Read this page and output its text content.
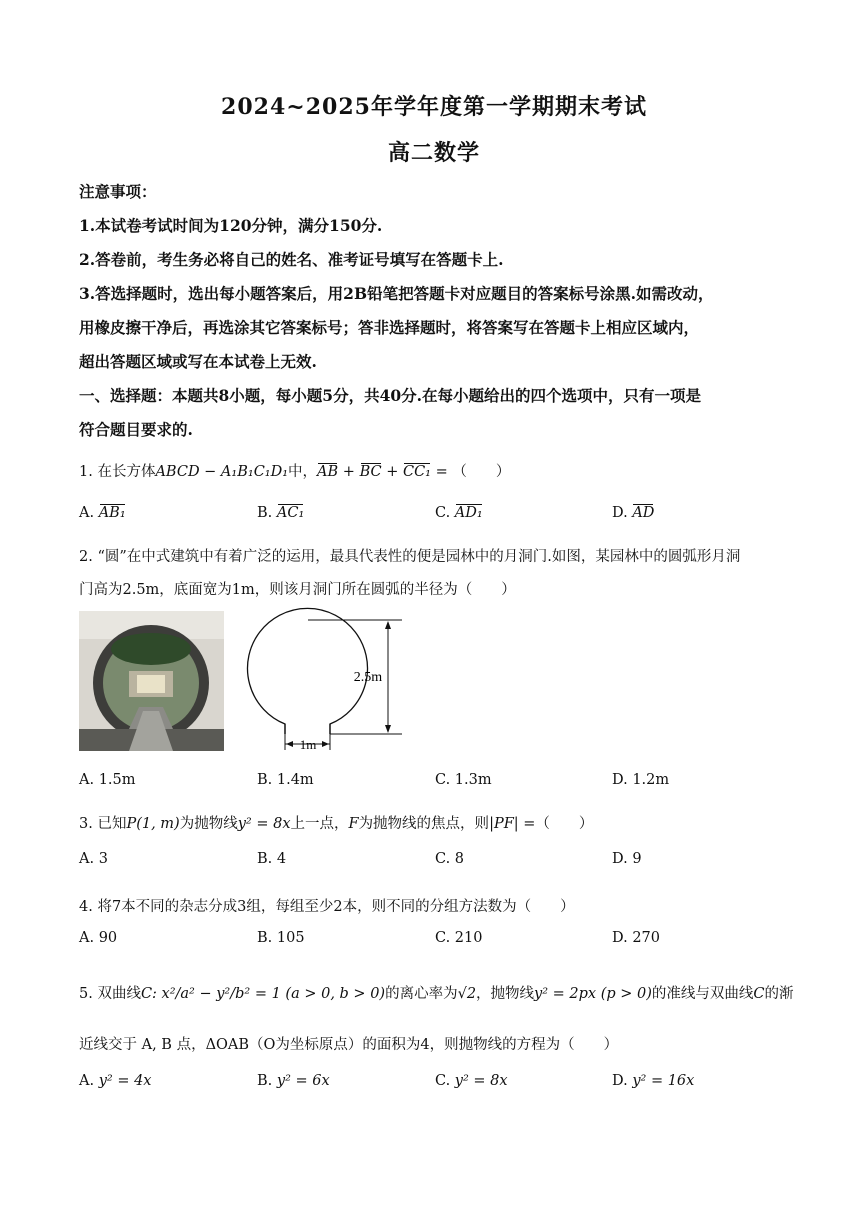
2024~2025年学年度第一学期期末考试
高二数学
注意事项：
1.本试卷考试时间为120分钟，满分150分.
2.答卷前，考生务必将自己的姓名、准考证号填写在答题卡上.
3.答选择题时，选出每小题答案后，用2B铅笔把答题卡对应题目的答案标号涂黑.如需改动，
用橡皮擦干净后，再选涂其它答案标号；答非选择题时，将答案写在答题卡上相应区域内，
超出答题区域或写在本试卷上无效.
一、选择题：本题共8小题，每小题5分，共40分.在每小题给出的四个选项中，只有一项是
符合题目要求的.
1. 在长方体ABCD − A₁B₁C₁D₁中，AB + BC + CC₁ = （　　）
A. AB₁	B. AC₁	C. AD₁	D. AD
2. “圆”在中式建筑中有着广泛的运用，最具代表性的便是园林中的月洞门.如图，某园林中的圆弧形月洞
门高为2.5m，底面宽为1m，则该月洞门所在圆弧的半径为（　　）
2.5m
1m
A. 1.5m	B. 1.4m	C. 1.3m	D. 1.2m
3. 已知P(1, m)为抛物线y² = 8x上一点，F为抛物线的焦点，则|PF| =（　　）
A. 3	B. 4	C. 8	D. 9
4. 将7本不同的杂志分成3组，每组至少2本，则不同的分组方法数为（　　）
A. 90	B. 105	C. 210	D. 270
5. 双曲线C: x²/a² − y²/b² = 1 (a > 0, b > 0)的离心率为√2，抛物线y² = 2px (p > 0)的准线与双曲线C的渐
近线交于 A, B 点，ΔOAB（O为坐标原点）的面积为4，则抛物线的方程为（　　）
A. y² = 4x	B. y² = 6x	C. y² = 8x	D. y² = 16x
